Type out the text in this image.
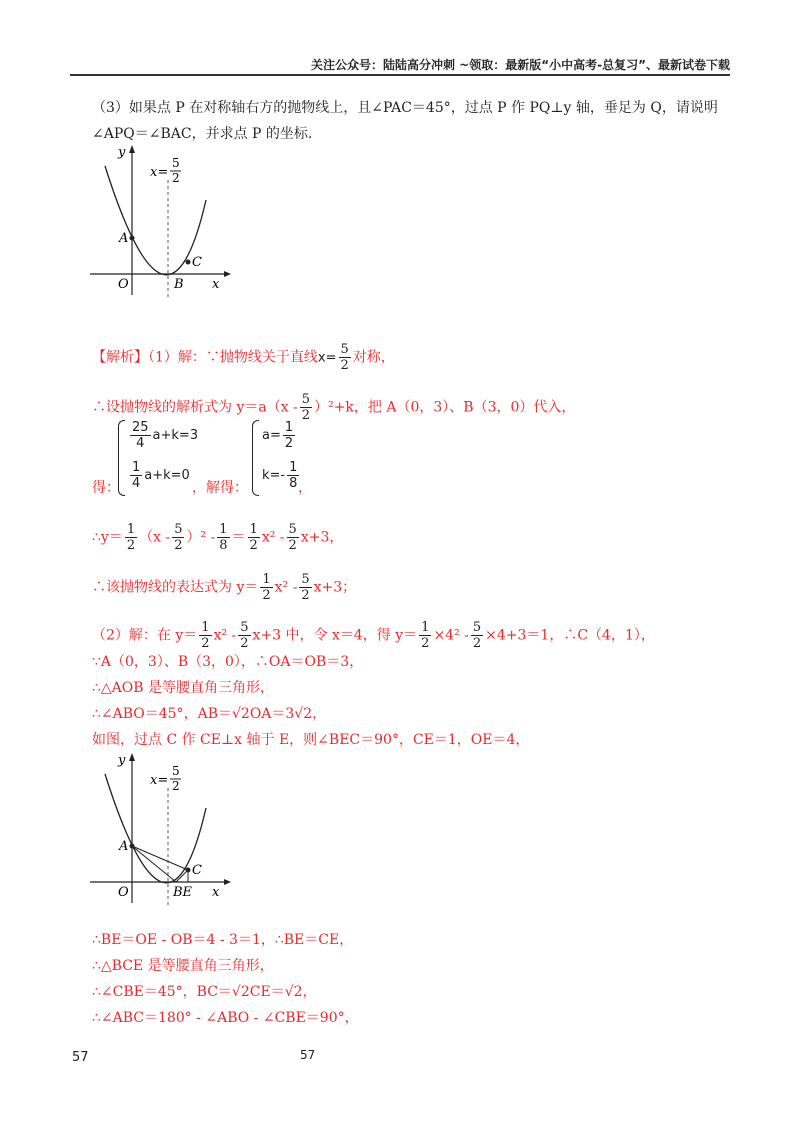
关注公众号：陆陆高分冲刺 ~领取：最新版“小中高考-总复习”、最新试卷下载
（3）如果点 P 在对称轴右方的抛物线上，且∠PAC＝45°，过点 P 作 PQ⊥y 轴，垂足为 Q，请说明
∠APQ＝∠BAC，并求点 P 的坐标.
y
x
O
A
B
C
x=
5
2
【解析】（1）解：∵抛物线关于直线$x= \frac{5}{2}$ 对称，
∴设抛物线的解析式为 $y=a(x - \frac{5}{2} )^2+k$，把 A（0，3）、B（3，0）代入，
得：
$\frac{25}{4} a+k=3$
$\frac{1}{4} a+k=0$
，解得：
$a= \frac{1}{2}$
$k=- \frac{1}{8}$
，
∴y＝ $\frac{1}{2} (x - \frac{5}{2} )^2 - \frac{1}{8} = \frac{1}{2} x^2 - \frac{5}{2} x+3$，
∴该抛物线的表达式为 $y= \frac{1}{2} x^2 - \frac{5}{2} x+3$；
（2）解：在 $y= \frac{1}{2} x^2 - \frac{5}{2} x+3$ 中，令 x＝4，得 $y= \frac{1}{2} \times 4^2 - \frac{5}{2} \times 4+3=1$，∴C（4，1），
∵A（0，3）、B（3，0），∴OA＝OB＝3，
∴△AOB 是等腰直角三角形，
∴∠ABO＝45°，AB＝√2OA＝3√2，
如图，过点 C 作 CE⊥x 轴于 E，则∠BEC＝90°，CE＝1，OE＝4，
y
x
O
A
BE
C
x=
5
2
∴BE＝OE - OB＝4 - 3＝1，∴BE＝CE，
∴△BCE 是等腰直角三角形，
∴∠CBE＝45°，BC＝√2CE＝√2，
∴∠ABC＝180° - ∠ABO - ∠CBE＝90°，
57	57
